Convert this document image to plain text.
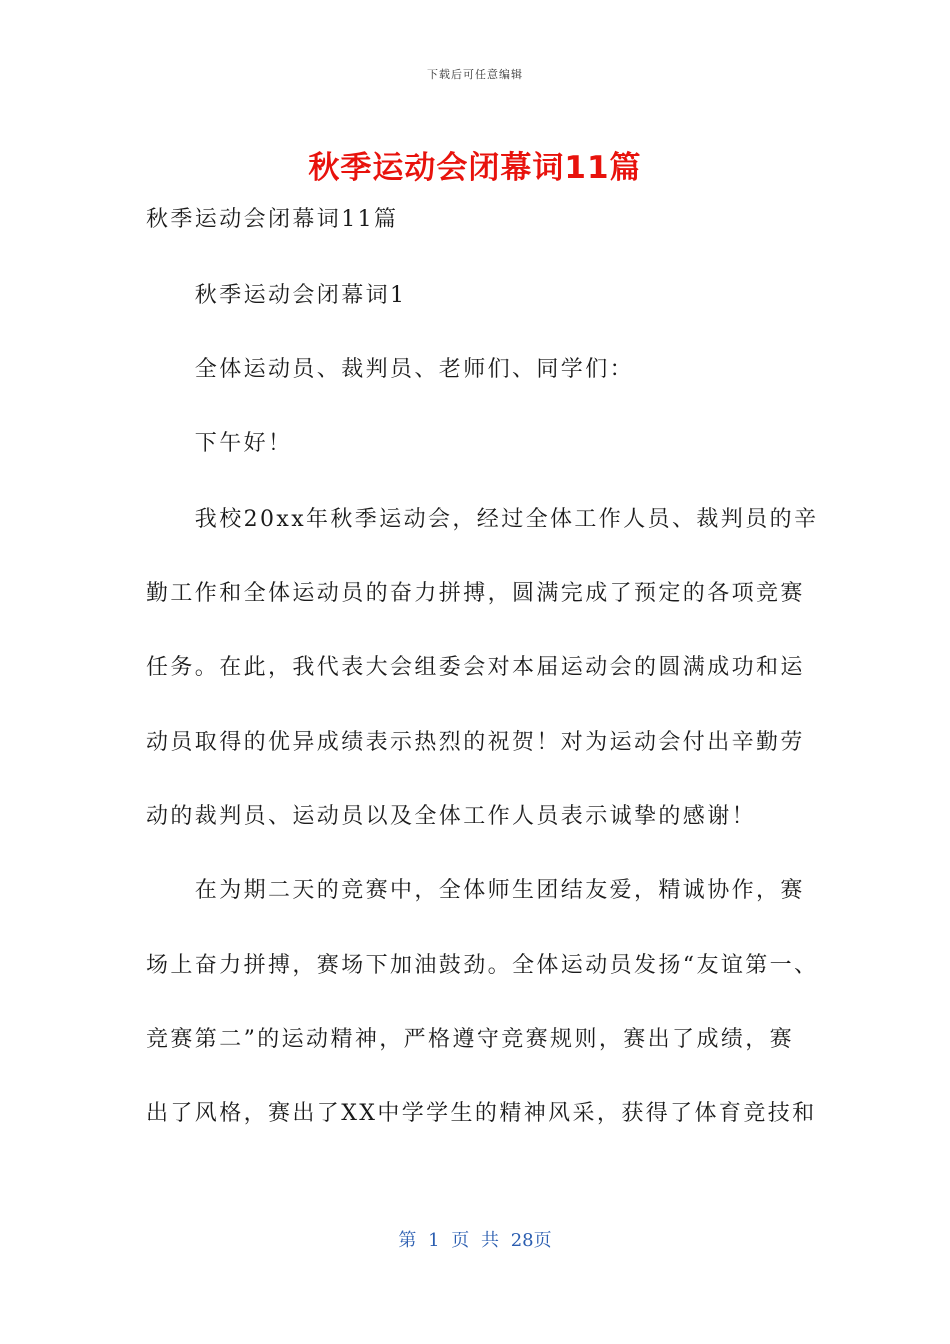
下载后可任意编辑
秋季运动会闭幕词11篇
秋季运动会闭幕词11篇
　　秋季运动会闭幕词1
　　全体运动员、裁判员、老师们、同学们：
　　下午好！
　　我校20xx年秋季运动会，经过全体工作人员、裁判员的辛
勤工作和全体运动员的奋力拼搏，圆满完成了预定的各项竞赛
任务。在此，我代表大会组委会对本届运动会的圆满成功和运
动员取得的优异成绩表示热烈的祝贺！对为运动会付出辛勤劳
动的裁判员、运动员以及全体工作人员表示诚挚的感谢！
　　在为期二天的竞赛中，全体师生团结友爱，精诚协作，赛
场上奋力拼搏，赛场下加油鼓劲。全体运动员发扬“友谊第一、
竞赛第二”的运动精神，严格遵守竞赛规则，赛出了成绩，赛
出了风格，赛出了XX中学学生的精神风采，获得了体育竞技和
第 1 页 共 28页
